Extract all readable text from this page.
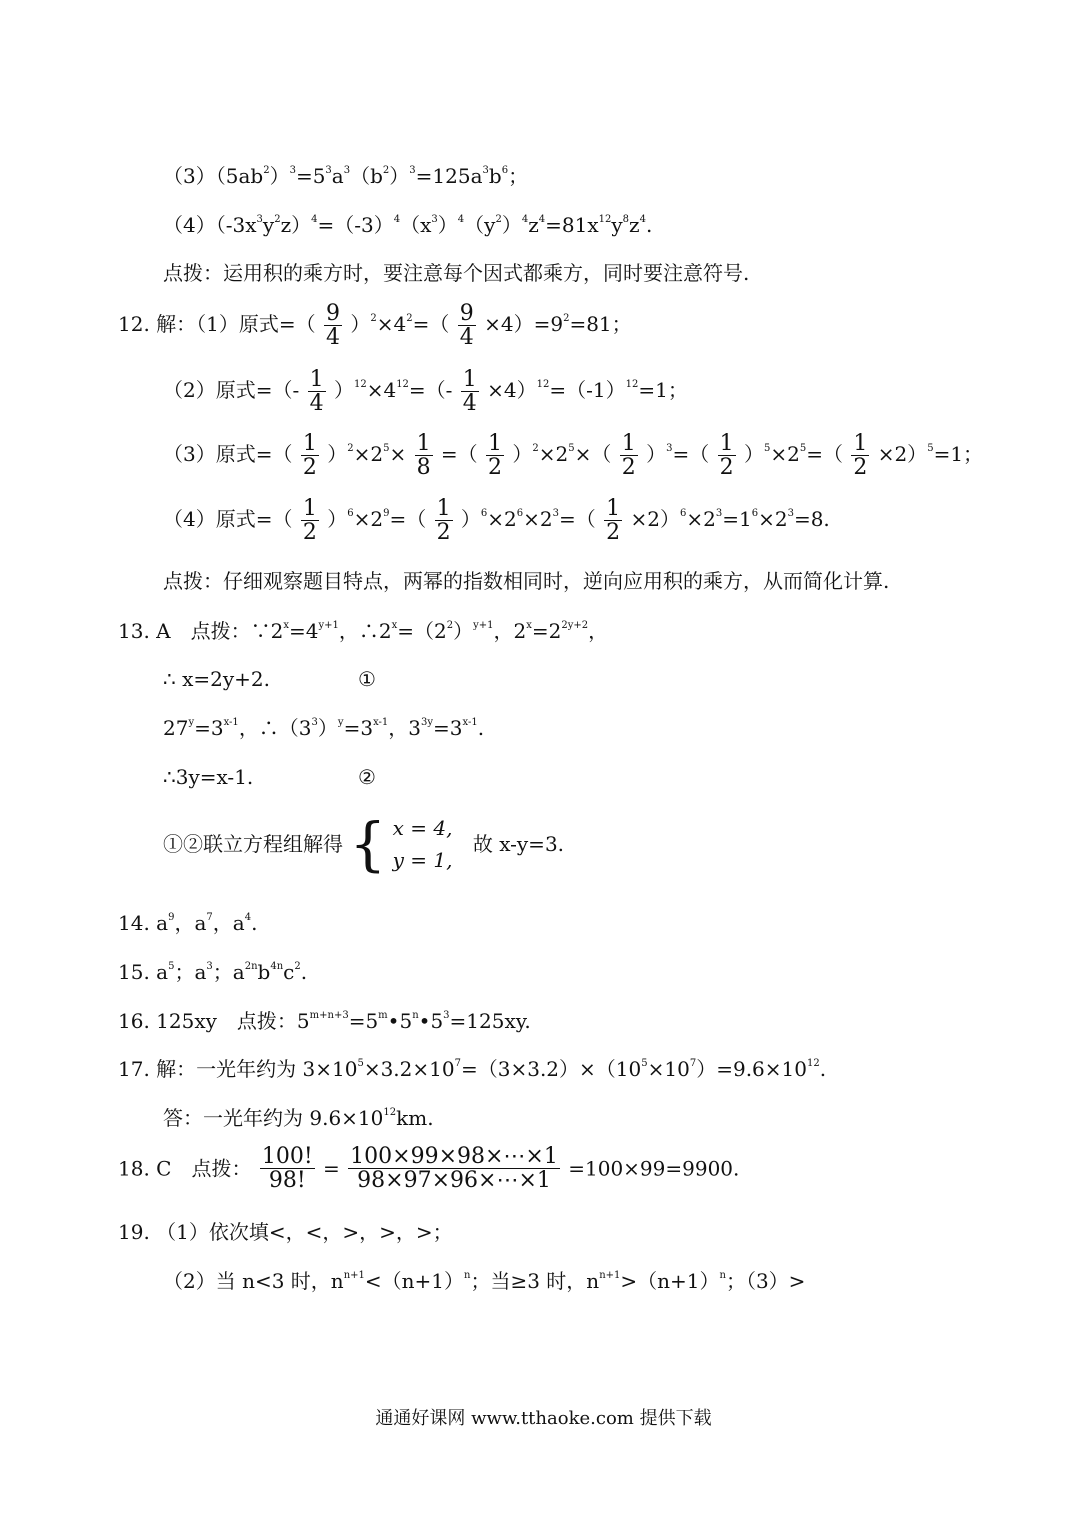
$(3)(5ab^2)^3=5^3a^3(b^2)^3=125a^3b^6$；
$(4)(-3x^3y^2z)^4=(-3)^4(x^3)^4(y^2)^4z^4=81x^{12}y^8z^4$.
点拨：运用积的乘方时，要注意每个因式都乘方，同时要注意符号.
12. 解：（1）原式=（ $\frac{9}{4} )^2\times 4^2=( \frac{9}{4} \times 4)=9^2=81$；
（2）原式=（- $\frac{1}{4} )^{12}\times 4^{12}=(- \frac{1}{4} \times 4)^{12}=(-1)^{12}=1$；
（3）原式=（ $\frac{1}{2} )^2\times 2^5\times \frac{1}{8}$ =（ $\frac{1}{2} )^2\times 2^5\times( \frac{1}{2} )^3=( \frac{1}{2} )^5\times 2^5=( \frac{1}{2} \times 2)^5=1$；
（4）原式=（ $\frac{1}{2} )^6\times 2^9=( \frac{1}{2} )^6\times 2^6\times 2^3=( \frac{1}{2} \times 2)^6\times 2^3=1^6\times 2^3=8$.
点拨：仔细观察题目特点，两幂的指数相同时，逆向应用积的乘方，从而简化计算.
13. A　点拨：$\because 2^x=4^{y+1}$，$\therefore 2^x=(2^2)^{y+1}$，$2^x=2^{2y+2}$，
∴ x=2y+2.	①
$27^y=3^{x-1}$，$\therefore(3^3)^y=3^{x-1}$，$3^{3y}=3^{x-1}$.
∴3y=x-1.	②
①②联立方程组解得 { x = 4,
y = 1,
故 x-y=3.
14. $a^9$，$a^7$，$a^4$.
15. $a^5$；$a^3$；$a^{2n}b^{4n}c^2$.
16. 125xy　点拨：$5^{m+n+3}=5^m•5^n•5^3=125xy$.
17. 解：一光年约为 $3\times 10^5\times 3.2\times 10^7=(3\times 3.2)\times(10^5\times 10^7)=9.6\times 10^{12}$.
答：一光年约为 $9.6\times 10^{12}km$.
18. C　点拨： $\frac{100!}{98!} = \frac{100\times 99\times 98\times\cdots\times 1}{98\times 97\times 96\times\cdots\times 1} =100\times 99=9900$.
19. （1）依次填<，<，>，>，>；
（2）当 n<3 时，$n^{n+1}<(n+1)^n$；当≥3 时，$n^{n+1}>(n+1)^n$；（3）>
通通好课网 www.tthaoke.com 提供下载
